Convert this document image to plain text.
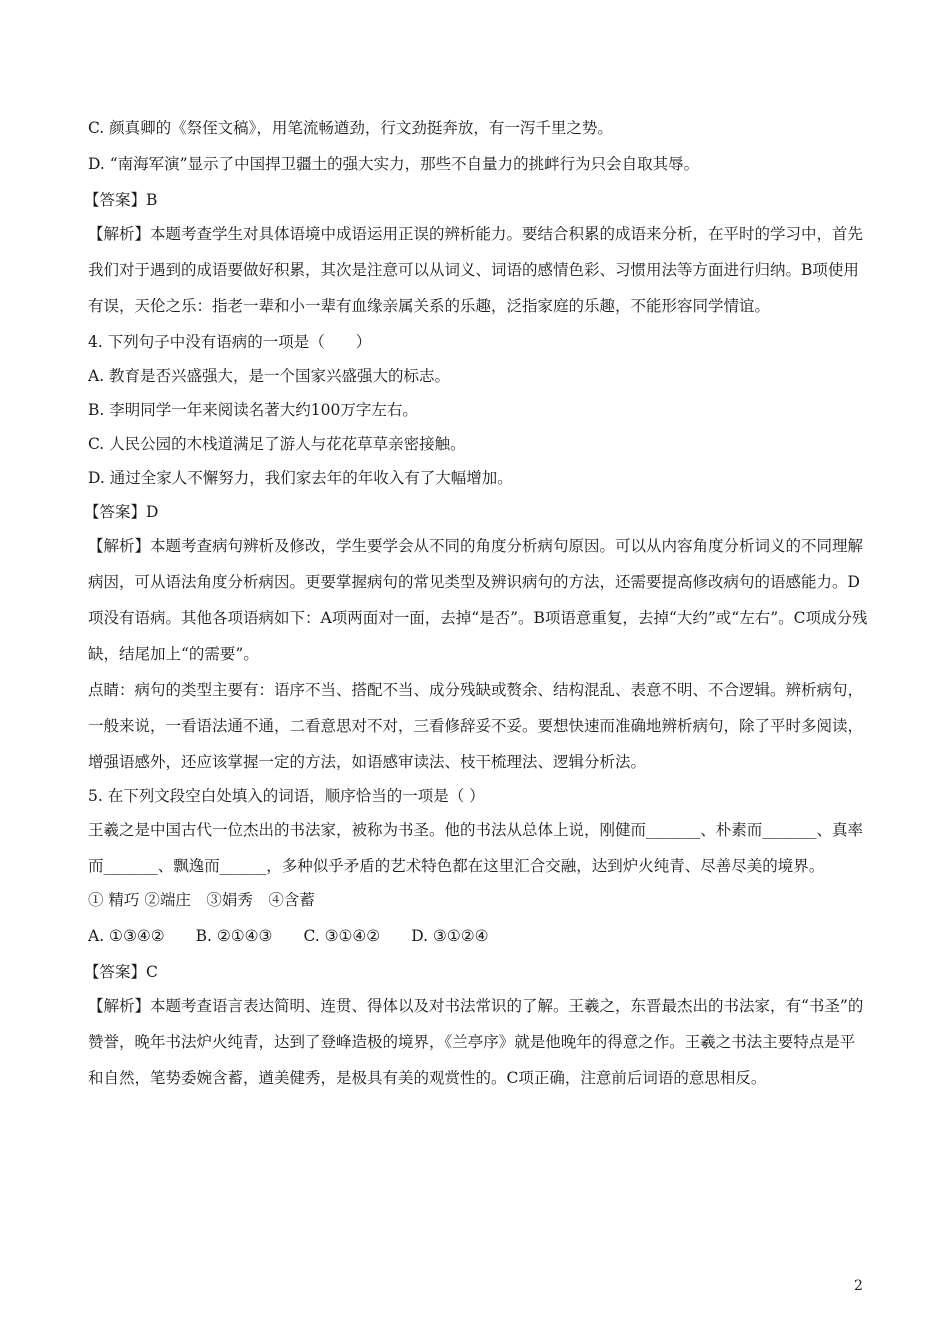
C. 颜真卿的《祭侄文稿》，用笔流畅遒劲，行文劲挺奔放，有一泻千里之势。

D. “南海军演”显示了中国捍卫疆土的强大实力，那些不自量力的挑衅行为只会自取其辱。

【答案】B

【解析】本题考查学生对具体语境中成语运用正误的辨析能力。要结合积累的成语来分析，在平时的学习中，首先我们对于遇到的成语要做好积累，其次是注意可以从词义、词语的感情色彩、习惯用法等方面进行归纳。B项使用有误，天伦之乐：指老一辈和小一辈有血缘亲属关系的乐趣，泛指家庭的乐趣，不能形容同学情谊。

4. 下列句子中没有语病的一项是（　　）

A. 教育是否兴盛强大，是一个国家兴盛强大的标志。

B. 李明同学一年来阅读名著大约100万字左右。

C. 人民公园的木栈道满足了游人与花花草草亲密接触。

D. 通过全家人不懈努力，我们家去年的年收入有了大幅增加。

【答案】D

【解析】本题考查病句辨析及修改，学生要学会从不同的角度分析病句原因。可以从内容角度分析词义的不同理解病因，可从语法角度分析病因。更要掌握病句的常见类型及辨识病句的方法，还需要提高修改病句的语感能力。D项没有语病。其他各项语病如下：A项两面对一面，去掉“是否”。B项语意重复，去掉“大约”或“左右”。C项成分残缺，结尾加上“的需要”。

点睛：病句的类型主要有：语序不当、搭配不当、成分残缺或赘余、结构混乱、表意不明、不合逻辑。辨析病句，一般来说，一看语法通不通，二看意思对不对，三看修辞妥不妥。要想快速而准确地辨析病句，除了平时多阅读，增强语感外，还应该掌握一定的方法，如语感审读法、枝干梳理法、逻辑分析法。

5. 在下列文段空白处填入的词语，顺序恰当的一项是（ ）

王羲之是中国古代一位杰出的书法家，被称为书圣。他的书法从总体上说，刚健而_______、朴素而_______、真率而_______、飘逸而______，多种似乎矛盾的艺术特色都在这里汇合交融，达到炉火纯青、尽善尽美的境界。

① 精巧 ②端庄　③娟秀　④含蓄

A. ①③④②　　B. ②①④③　　C. ③①④②　　D. ③①②④

【答案】C

【解析】本题考查语言表达简明、连贯、得体以及对书法常识的了解。王羲之，东晋最杰出的书法家，有“书圣”的赞誉，晚年书法炉火纯青，达到了登峰造极的境界，《兰亭序》就是他晚年的得意之作。王羲之书法主要特点是平和自然，笔势委婉含蓄，遒美健秀，是极具有美的观赏性的。C项正确，注意前后词语的意思相反。

2
